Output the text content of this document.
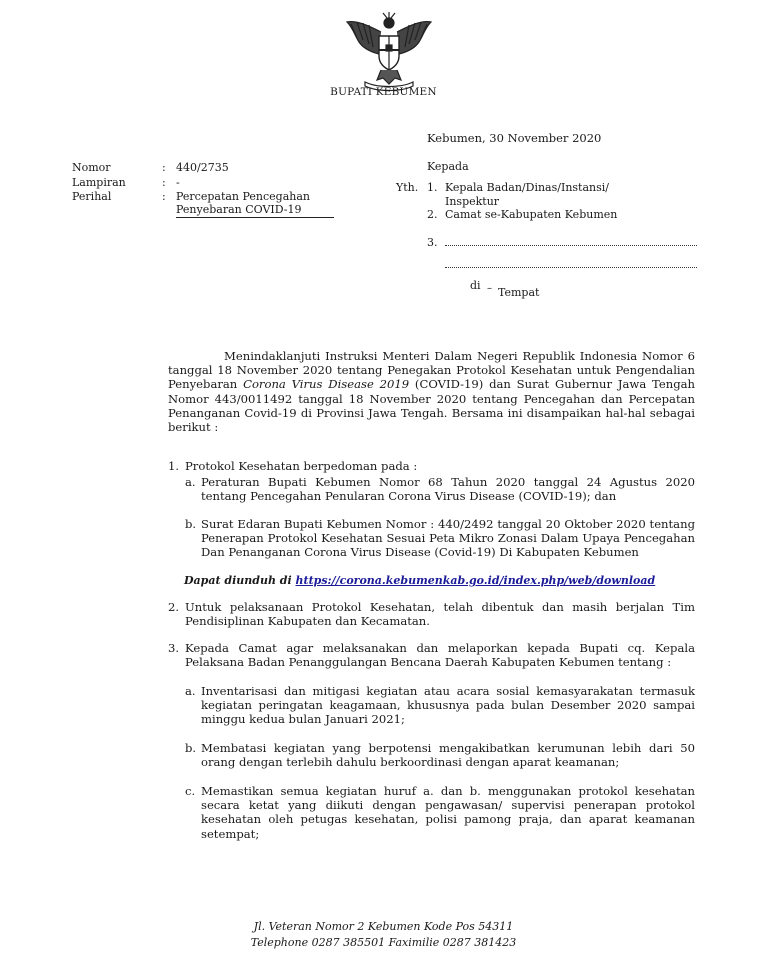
BUPATI KEBUMEN
Kebumen, 30 November 2020
Nomor	: 440/2735
Lampiran	: -
Perihal	: Percepatan Pencegahan
Penyebaran COVID-19
Kepada
Yth. 1. Kepala Badan/Dinas/Instansi/
Inspektur
2. Camat se-Kabupaten Kebumen
3.
di – Tempat
Menindaklanjuti Instruksi Menteri Dalam Negeri Republik Indonesia Nomor 6 tanggal 18 November 2020 tentang Penegakan Protokol Kesehatan untuk Pengendalian Penyebaran Corona Virus Disease 2019 (COVID-19) dan Surat Gubernur Jawa Tengah Nomor 443/0011492 tanggal 18 November 2020 tentang Pencegahan dan Percepatan Penanganan Covid-19 di Provinsi Jawa Tengah. Bersama ini disampaikan hal-hal sebagai berikut :
1. Protokol Kesehatan berpedoman pada :
a. Peraturan Bupati Kebumen Nomor 68 Tahun 2020 tanggal 24 Agustus 2020 tentang Pencegahan Penularan Corona Virus Disease (COVID-19); dan
b. Surat Edaran Bupati Kebumen Nomor : 440/2492 tanggal 20 Oktober 2020 tentang Penerapan Protokol Kesehatan Sesuai Peta Mikro Zonasi Dalam Upaya Pencegahan Dan Penanganan Corona Virus Disease (Covid-19) Di Kabupaten Kebumen
Dapat diunduh di https://corona.kebumenkab.go.id/index.php/web/download
2. Untuk pelaksanaan Protokol Kesehatan, telah dibentuk dan masih berjalan Tim Pendisiplinan Kabupaten dan Kecamatan.
3. Kepada Camat agar melaksanakan dan melaporkan kepada Bupati cq. Kepala Pelaksana Badan Penanggulangan Bencana Daerah Kabupaten Kebumen tentang :
a. Inventarisasi dan mitigasi kegiatan atau acara sosial kemasyarakatan termasuk kegiatan peringatan keagamaan, khususnya pada bulan Desember 2020 sampai minggu kedua bulan Januari 2021;
b. Membatasi kegiatan yang berpotensi mengakibatkan kerumunan lebih dari 50 orang dengan terlebih dahulu berkoordinasi dengan aparat keamanan;
c. Memastikan semua kegiatan huruf a. dan b. menggunakan protokol kesehatan secara ketat yang diikuti dengan pengawasan/ supervisi penerapan protokol kesehatan oleh petugas kesehatan, polisi pamong praja, dan aparat keamanan setempat;
Jl. Veteran Nomor 2 Kebumen Kode Pos 54311
Telephone 0287 385501 Faximilie 0287 381423
